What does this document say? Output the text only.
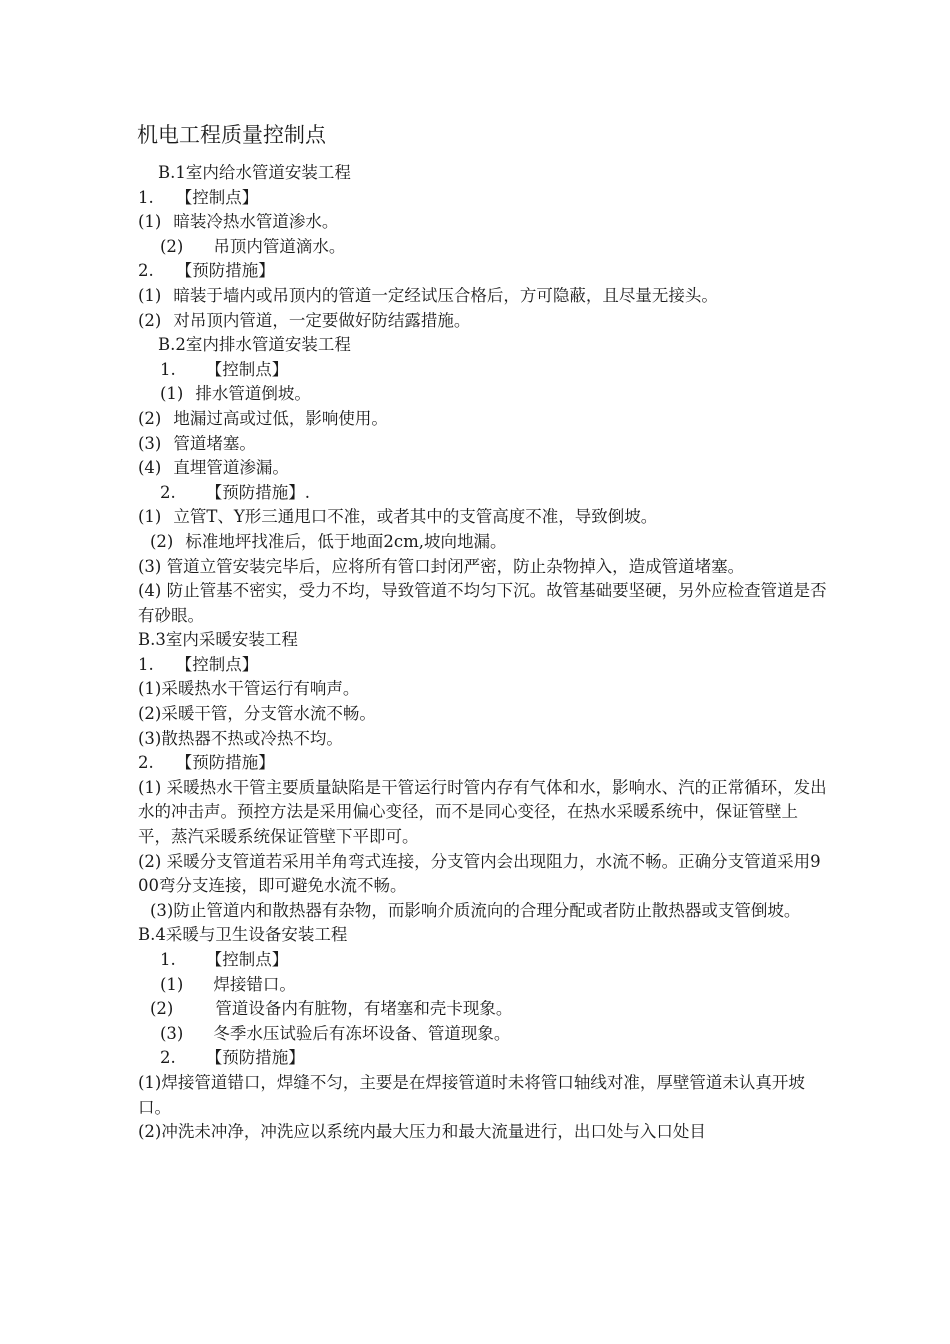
机电工程质量控制点
B.1室内给水管道安装工程
1. 【控制点】
(1) 暗装冷热水管道渗水。
(2) 吊顶内管道滴水。
2. 【预防措施】
(1) 暗装于墙内或吊顶内的管道一定经试压合格后，方可隐蔽，且尽量无接头。
(2) 对吊顶内管道，一定要做好防结露措施。
B.2室内排水管道安装工程
1. 【控制点】
(1) 排水管道倒坡。
(2) 地漏过高或过低，影响使用。
(3) 管道堵塞。
(4) 直埋管道渗漏。
2. 【预防措施】.
(1) 立管T、Y形三通甩口不准，或者其中的支管高度不准，导致倒坡。
(2) 标准地坪找准后，低于地面2cm,坡向地漏。
(3) 管道立管安装完毕后，应将所有管口封闭严密，防止杂物掉入，造成管道堵塞。
(4) 防止管基不密实，受力不均，导致管道不均匀下沉。故管基础要坚硬，另外应检查管道是否有砂眼。
B.3室内采暖安装工程
1. 【控制点】
(1)采暖热水干管运行有响声。
(2)采暖干管，分支管水流不畅。
(3)散热器不热或冷热不均。
2. 【预防措施】
(1) 采暖热水干管主要质量缺陷是干管运行时管内存有气体和水，影响水、汽的正常循环，发出水的冲击声。预控方法是采用偏心变径，而不是同心变径，在热水采暖系统中，保证管壁上平，蒸汽采暖系统保证管壁下平即可。
(2) 采暖分支管道若采用羊角弯式连接，分支管内会出现阻力，水流不畅。正确分支管道采用900弯分支连接，即可避免水流不畅。
(3)防止管道内和散热器有杂物，而影响介质流向的合理分配或者防止散热器或支管倒坡。
B.4采暖与卫生设备安装工程
1. 【控制点】
(1) 焊接错口。
(2)	管道设备内有脏物，有堵塞和壳卡现象。
(3) 冬季水压试验后有冻坏设备、管道现象。
2. 【预防措施】
(1)焊接管道错口，焊缝不匀，主要是在焊接管道时未将管口轴线对准，厚壁管道未认真开坡口。
(2)冲洗未冲净，冲洗应以系统内最大压力和最大流量进行，出口处与入口处目
